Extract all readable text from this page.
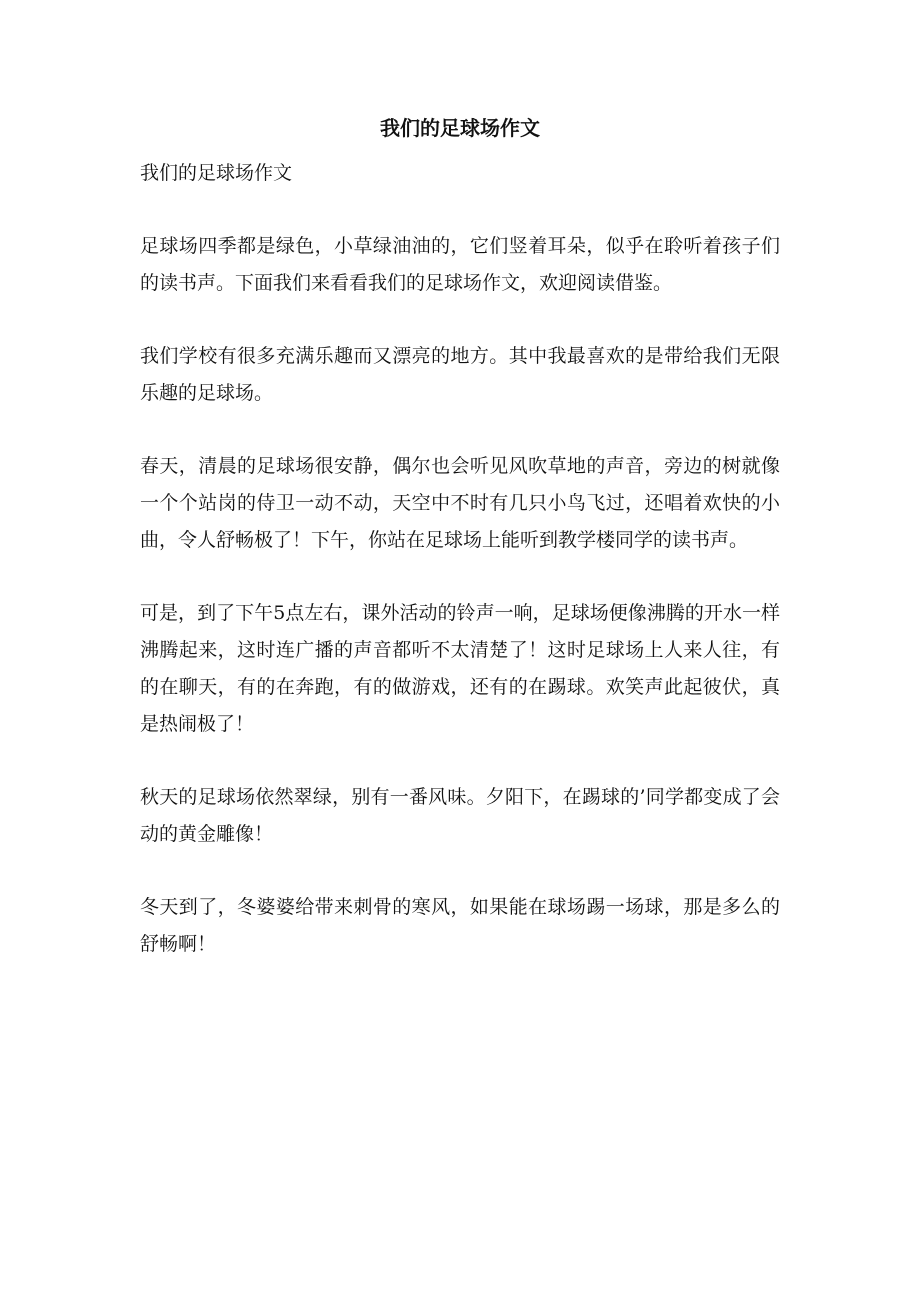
我们的足球场作文

我们的足球场作文

足球场四季都是绿色，小草绿油油的，它们竖着耳朵，似乎在聆听着孩子们的读书声。下面我们来看看我们的足球场作文，欢迎阅读借鉴。

我们学校有很多充满乐趣而又漂亮的地方。其中我最喜欢的是带给我们无限乐趣的足球场。

春天，清晨的足球场很安静，偶尔也会听见风吹草地的声音，旁边的树就像一个个站岗的侍卫一动不动，天空中不时有几只小鸟飞过，还唱着欢快的小曲，令人舒畅极了！下午，你站在足球场上能听到教学楼同学的读书声。

可是，到了下午5点左右，课外活动的铃声一响，足球场便像沸腾的开水一样沸腾起来，这时连广播的声音都听不太清楚了！这时足球场上人来人往，有的在聊天，有的在奔跑，有的做游戏，还有的在踢球。欢笑声此起彼伏，真是热闹极了！

秋天的足球场依然翠绿，别有一番风味。夕阳下，在踢球的’同学都变成了会动的黄金雕像！

冬天到了，冬婆婆给带来刺骨的寒风，如果能在球场踢一场球，那是多么的舒畅啊！
